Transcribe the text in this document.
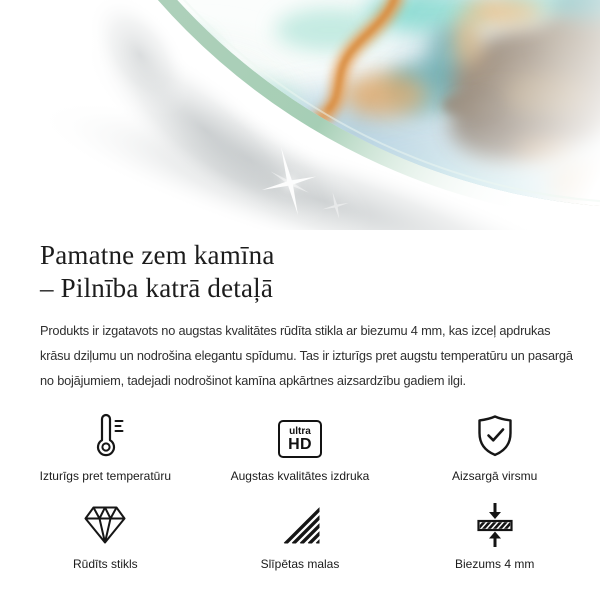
Pamatne zem kamīna
– Pilnība katrā detaļā

Produkts ir izgatavots no augstas kvalitātes rūdīta stikla ar biezumu 4 mm, kas izceļ apdrukas
krāsu dziļumu un nodrošina elegantu spīdumu. Tas ir izturīgs pret augstu temperatūru un pasargā
no bojājumiem, tadejadi nodrošinot kamīna apkārtnes aizsardzību gadiem ilgi.

Izturīgs pret temperatūru
ultra
HD
Augstas kvalitātes izdruka	Aizsargā virsmu
Rūdīts stikls	Slīpētas malas	Biezums 4 mm
